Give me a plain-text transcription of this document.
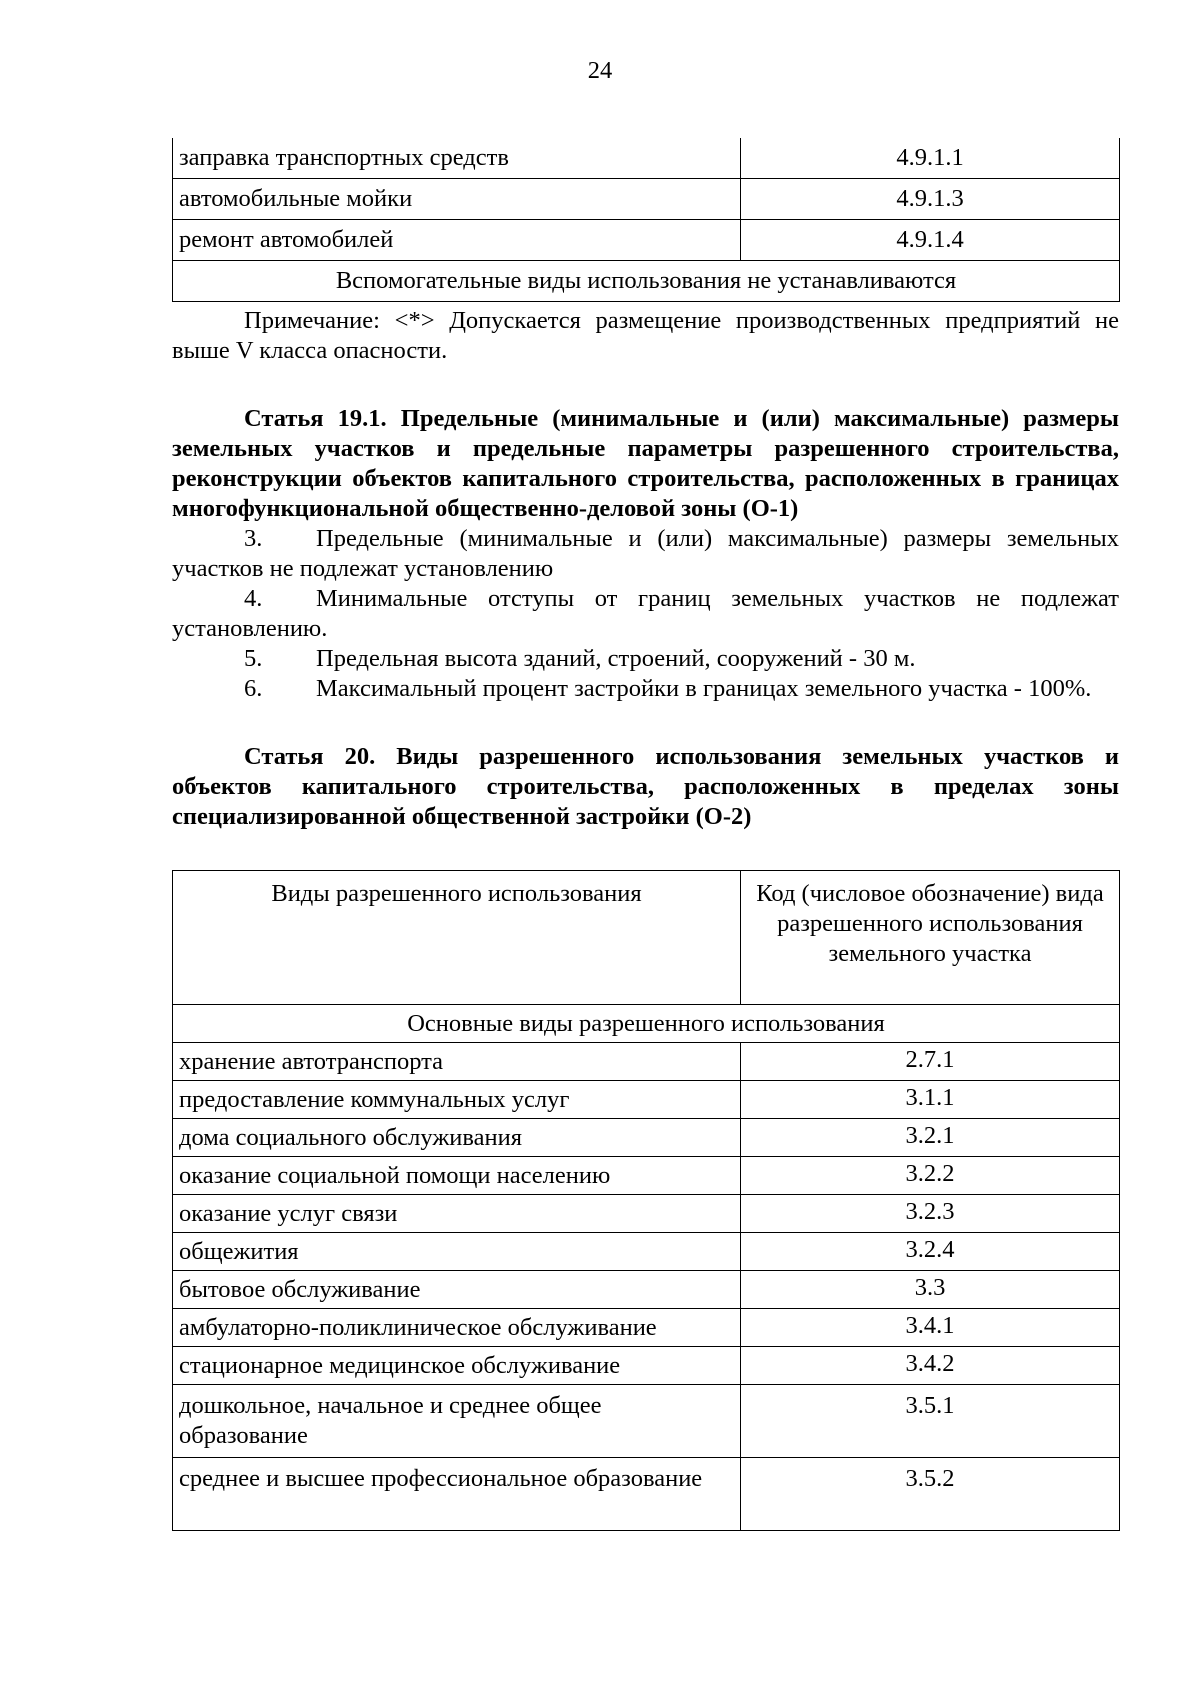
24
заправка транспортных средств	4.9.1.1
автомобильные мойки	4.9.1.3
ремонт автомобилей	4.9.1.4
Вспомогательные виды использования не устанавливаются	

Примечание: <*> Допускается размещение производственных предприятий не выше V класса опасности.

Статья 19.1. Предельные (минимальные и (или) максимальные) размеры земельных участков и предельные параметры разрешенного строительства, реконструкции объектов капитального строительства, расположенных в границах многофункциональной общественно-деловой зоны (О-1)

3. Предельные (минимальные и (или) максимальные) размеры земельных участков не подлежат установлению

4. Минимальные отступы от границ земельных участков не подлежат установлению.

5. Предельная высота зданий, строений, сооружений - 30 м.

6. Максимальный процент застройки в границах земельного участка - 100%.

Статья 20. Виды разрешенного использования земельных участков и объектов капитального строительства, расположенных в пределах зоны специализированной общественной застройки (О-2)

Виды разрешенного использования	Код (числовое обозначение) вида разрешенного использования земельного участка
Основные виды разрешенного использования	
хранение автотранспорта	2.7.1
предоставление коммунальных услуг	3.1.1
дома социального обслуживания	3.2.1
оказание социальной помощи населению	3.2.2
оказание услуг связи	3.2.3
общежития	3.2.4
бытовое обслуживание	3.3
амбулаторно-поликлиническое обслуживание	3.4.1
стационарное медицинское обслуживание	3.4.2
дошкольное, начальное и среднее общее образование	3.5.1
среднее и высшее профессиональное образование	3.5.2
